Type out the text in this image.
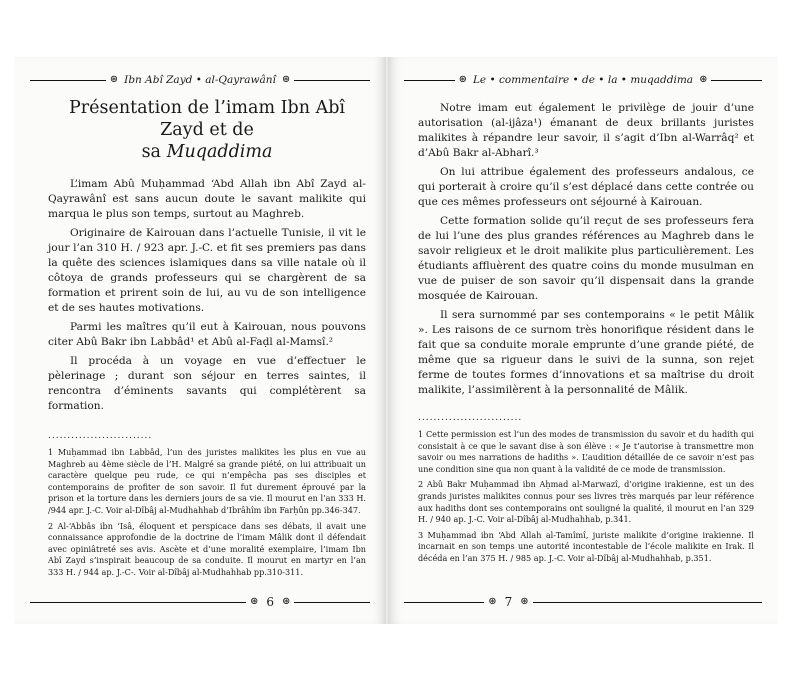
⊛ Ibn Abî Zayd • al-Qayrawânî ⊛
Présentation de l’imam Ibn Abî Zayd et de
sa Muqaddima

L’imam Abû Muḥammad ‘Abd Allah ibn Abî Zayd al-Qayrawânî est sans aucun doute le savant malikite qui marqua le plus son temps, surtout au Maghreb.

Originaire de Kairouan dans l’actuelle Tunisie, il vit le jour l’an 310 H. / 923 apr. J.-C. et fit ses premiers pas dans la quête des sciences islamiques dans sa ville natale où il côtoya de grands professeurs qui se chargèrent de sa formation et prirent soin de lui, au vu de son intelligence et de ses hautes motivations.

Parmi les maîtres qu’il eut à Kairouan, nous pouvons citer Abû Bakr ibn Labbâd¹ et Abû al-Faḍl al-Mamsî.²

Il procéda à un voyage en vue d’effectuer le pèlerinage ; durant son séjour en terres saintes, il rencontra d’éminents savants qui complétèrent sa formation.

...........................

1 Muḥammad ibn Labbâd, l’un des juristes malikites les plus en vue au Maghreb au 4ème siècle de l’H. Malgré sa grande piété, on lui attribuait un caractère quelque peu rude, ce qui n’empêcha pas ses disciples et contemporains de profiter de son savoir. Il fut durement éprouvé par la prison et la torture dans les derniers jours de sa vie. Il mourut en l’an 333 H. /944 apr. J.-C. Voir al-Dîbâj al-Mudhahhab d’Ibrâhîm ibn Farḥûn pp.346-347.

2 Al-‘Abbâs ibn ‘Isâ, éloquent et perspicace dans ses débats, il avait une connaissance approfondie de la doctrine de l’imam Mâlik dont il défendait avec opiniâtreté ses avis. Ascète et d’une moralité exemplaire, l’imam Ibn Abî Zayd s’inspirait beaucoup de sa conduite. Il mourut en martyr en l’an 333 H. / 944 ap. J.-C-. Voir al-Dîbâj al-Mudhahhab pp.310-311.

⊛ 6 ⊛
⊛ Le • commentaire • de • la • muqaddima ⊛

Notre imam eut également le privilège de jouir d’une autorisation (al-ijâza¹) émanant de deux brillants juristes malikites à répandre leur savoir, il s’agit d’Ibn al-Warrâq² et d’Abû Bakr al-Abharî.³

On lui attribue également des professeurs andalous, ce qui porterait à croire qu’il s’est déplacé dans cette contrée ou que ces mêmes professeurs ont séjourné à Kairouan.

Cette formation solide qu’il reçut de ses professeurs fera de lui l’une des plus grandes références au Maghreb dans le savoir religieux et le droit malikite plus particulièrement. Les étudiants affluèrent des quatre coins du monde musulman en vue de puiser de son savoir qu’il dispensait dans la grande mosquée de Kairouan.

Il sera surnommé par ses contemporains « le petit Mâlik ». Les raisons de ce surnom très honorifique résident dans le fait que sa conduite morale emprunte d’une grande piété, de même que sa rigueur dans le suivi de la sunna, son rejet ferme de toutes formes d’innovations et sa maîtrise du droit malikite, l’assimilèrent à la personnalité de Mâlik.

...........................

1 Cette permission est l’un des modes de transmission du savoir et du hadith qui consistait à ce que le savant dise à son élève : « Je t’autorise à transmettre mon savoir ou mes narrations de hadiths ». L’audition détaillée de ce savoir n’est pas une condition sine qua non quant à la validité de ce mode de transmission.

2 Abû Bakr Muḥammad ibn Aḥmad al-Marwazî, d’origine irakienne, est un des grands juristes malikites connus pour ses livres très marqués par leur référence aux hadiths dont ses contemporains ont souligné la qualité, il mourut en l’an 329 H. / 940 ap. J.-C. Voir al-Dîbâj al-Mudhahhab, p.341.

3 Muḥammad ibn ‘Abd Allah al-Tamîmî, juriste malikite d’origine irakienne. Il incarnait en son temps une autorité incontestable de l’école malikite en Irak. Il décéda en l’an 375 H. / 985 ap. J.-C. Voir al-Dîbâj al-Mudhahhab, p.351.

⊛ 7 ⊛
